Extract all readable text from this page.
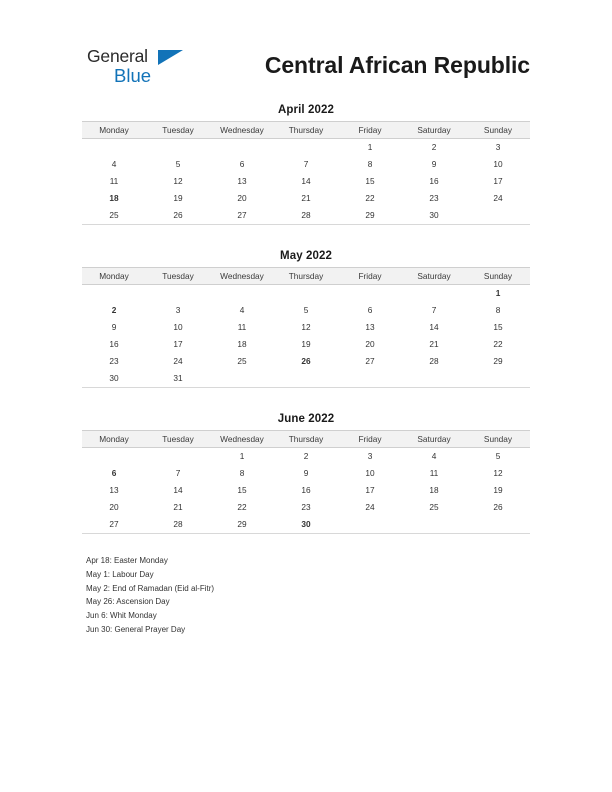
General
Blue	Central African Republic
April 2022
Monday	Tuesday	Wednesday	Thursday	Friday	Saturday	Sunday
				1	2	3
4	5	6	7	8	9	10
11	12	13	14	15	16	17
18	19	20	21	22	23	24
25	26	27	28	29	30	
May 2022
Monday	Tuesday	Wednesday	Thursday	Friday	Saturday	Sunday
						1
2	3	4	5	6	7	8
9	10	11	12	13	14	15
16	17	18	19	20	21	22
23	24	25	26	27	28	29
30	31					
June 2022
Monday	Tuesday	Wednesday	Thursday	Friday	Saturday	Sunday
		1	2	3	4	5
6	7	8	9	10	11	12
13	14	15	16	17	18	19
20	21	22	23	24	25	26
27	28	29	30			
Apr 18: Easter Monday
May 1: Labour Day
May 2: End of Ramadan (Eid al-Fitr)
May 26: Ascension Day
Jun 6: Whit Monday
Jun 30: General Prayer Day
